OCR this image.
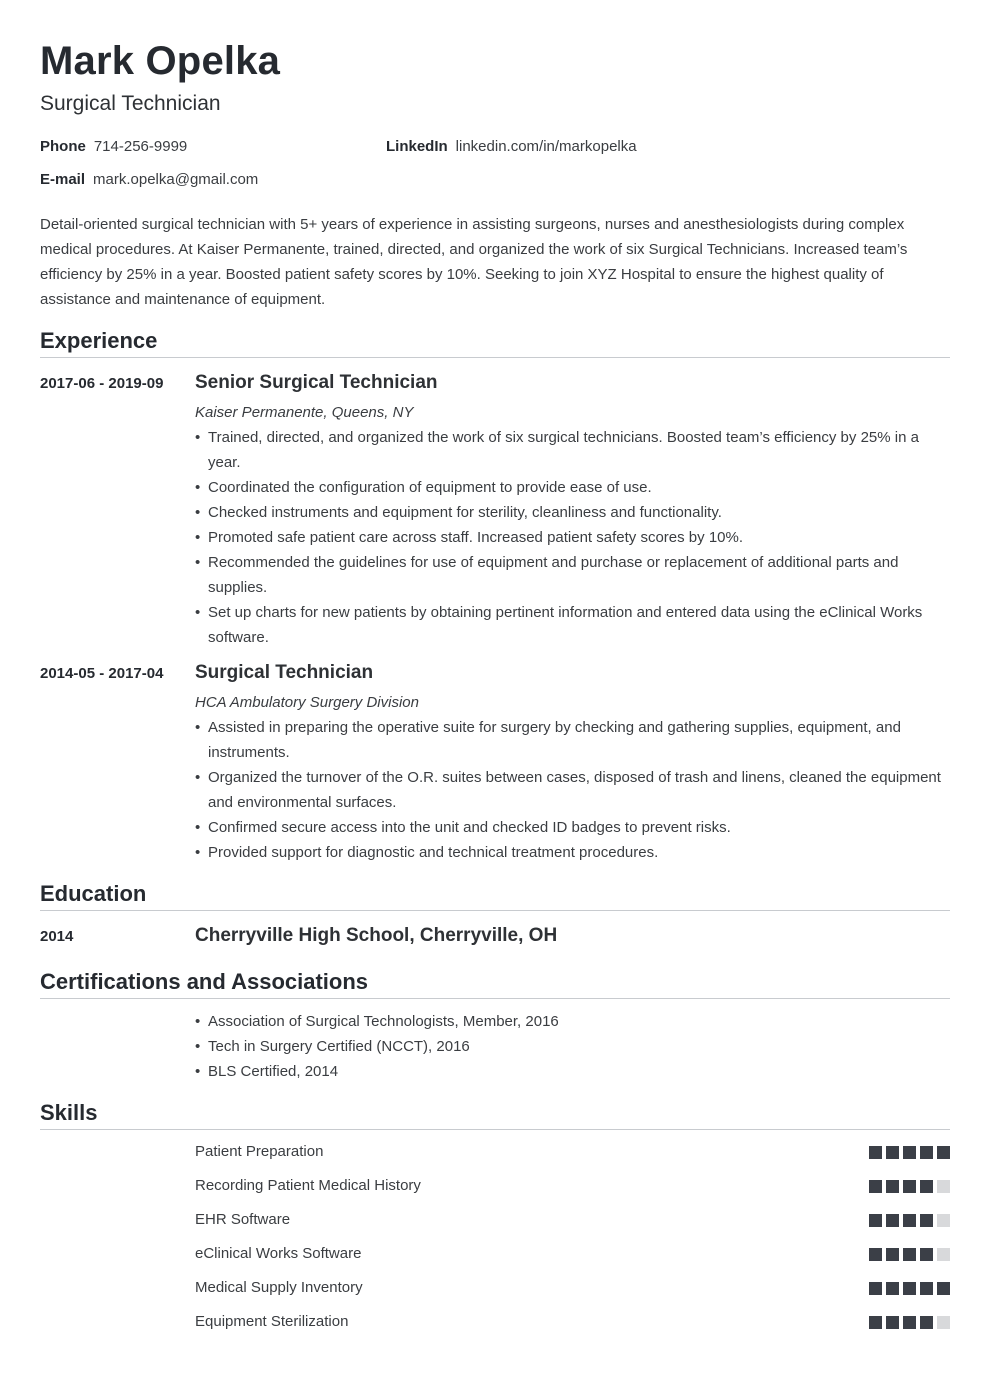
Mark Opelka
Surgical Technician
Phone 714-256-9999	LinkedIn linkedin.com/in/markopelka
E-mail mark.opelka@gmail.com

Detail-oriented surgical technician with 5+ years of experience in assisting surgeons, nurses and anesthesiologists during complex medical procedures. At Kaiser Permanente, trained, directed, and organized the work of six Surgical Technicians. Increased team’s efficiency by 25% in a year. Boosted patient safety scores by 10%. Seeking to join XYZ Hospital to ensure the highest quality of assistance and maintenance of equipment.

Experience
2017-06 - 2019-09 Senior Surgical Technician
Kaiser Permanente, Queens, NY
• Trained, directed, and organized the work of six surgical technicians. Boosted team’s efficiency by 25% in a year.
• Coordinated the configuration of equipment to provide ease of use.
• Checked instruments and equipment for sterility, cleanliness and functionality.
• Promoted safe patient care across staff. Increased patient safety scores by 10%.
• Recommended the guidelines for use of equipment and purchase or replacement of additional parts and supplies.
• Set up charts for new patients by obtaining pertinent information and entered data using the eClinical Works software.
2014-05 - 2017-04 Surgical Technician
HCA Ambulatory Surgery Division
• Assisted in preparing the operative suite for surgery by checking and gathering supplies, equipment, and instruments.
• Organized the turnover of the O.R. suites between cases, disposed of trash and linens, cleaned the equipment and environmental surfaces.
• Confirmed secure access into the unit and checked ID badges to prevent risks.
• Provided support for diagnostic and technical treatment procedures.
Education
2014	Cherryville High School, Cherryville, OH
Certifications and Associations
• Association of Surgical Technologists, Member, 2016
• Tech in Surgery Certified (NCCT), 2016
• BLS Certified, 2014
Skills
Patient Preparation
Recording Patient Medical History
EHR Software
eClinical Works Software
Medical Supply Inventory
Equipment Sterilization
